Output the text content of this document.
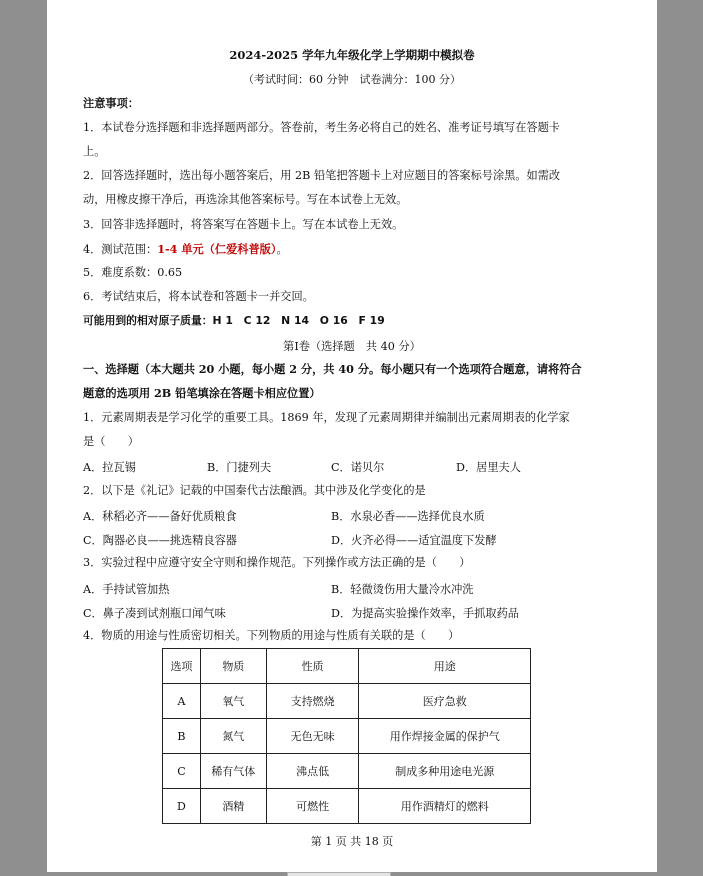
2024-2025 学年九年级化学上学期期中模拟卷
（考试时间：60 分钟　试卷满分：100 分）
注意事项：
1．本试卷分选择题和非选择题两部分。答卷前，考生务必将自己的姓名、准考证号填写在答题卡
上。
2．回答选择题时，选出每小题答案后，用 2B 铅笔把答题卡上对应题目的答案标号涂黑。如需改
动，用橡皮擦干净后，再选涂其他答案标号。写在本试卷上无效。
3．回答非选择题时，将答案写在答题卡上。写在本试卷上无效。
4．测试范围：1-4 单元（仁爱科普版）。
5．难度系数：0.65
6．考试结束后，将本试卷和答题卡一并交回。
可能用到的相对原子质量：H 1　C 12　N 14　O 16　F 19
第Ⅰ卷（选择题　共 40 分）
一、选择题（本大题共 20 小题，每小题 2 分，共 40 分。每小题只有一个选项符合题意，请将符合
题意的选项用 2B 铅笔填涂在答题卡相应位置）
1．元素周期表是学习化学的重要工具。1869 年，发现了元素周期律并编制出元素周期表的化学家
是（　　）
A．拉瓦锡	B．门捷列夫	C．诺贝尔	D．居里夫人
2．以下是《礼记》记载的中国秦代古法酿酒。其中涉及化学变化的是
A．秫稻必齐——备好优质粮食	B．水泉必香——选择优良水质
C．陶器必良——挑选精良容器	D．火齐必得——适宜温度下发酵
3．实验过程中应遵守安全守则和操作规范。下列操作或方法正确的是（　　）
A．手持试管加热	B．轻微烫伤用大量冷水冲洗
C．鼻子凑到试剂瓶口闻气味	D．为提高实验操作效率，手抓取药品
4．物质的用途与性质密切相关。下列物质的用途与性质有关联的是（　　）
选项	物质	性质	用途
A	氧气	支持燃烧	医疗急救
B	氮气	无色无味	用作焊接金属的保护气
C	稀有气体	沸点低	制成多种用途电光源
D	酒精	可燃性	用作酒精灯的燃料
第 1 页 共 18 页
